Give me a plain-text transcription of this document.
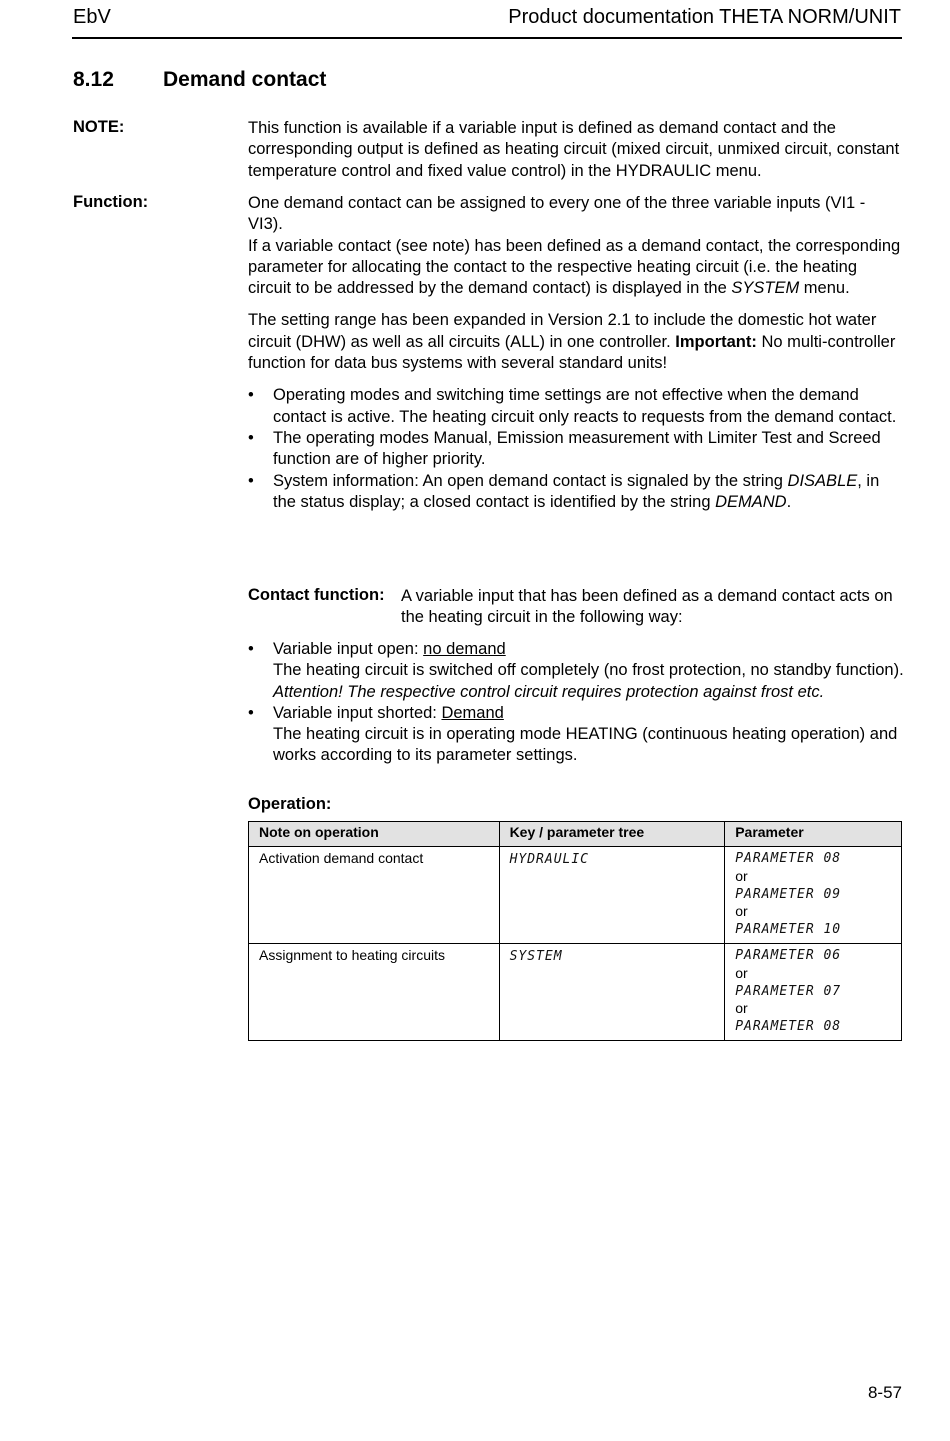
EbV	Product documentation THETA NORM/UNIT
8.12 Demand contact
NOTE:	This function is available if a variable input is defined as demand contact and the corresponding output is defined as heating circuit (mixed circuit, unmixed circuit, constant temperature control and fixed value control) in the HYDRAULIC menu.

Function:	One demand contact can be assigned to every one of the three variable inputs (VI1 - VI3).

If a variable contact (see note) has been defined as a demand contact, the corresponding parameter for allocating the contact to the respective heating circuit (i.e. the heating circuit to be addressed by the demand contact) is displayed in the SYSTEM menu.

The setting range has been expanded in Version 2.1 to include the domestic hot water circuit (DHW) as well as all circuits (ALL) in one controller. Important: No multi-controller function for data bus systems with several standard units!

• Operating modes and switching time settings are not effective when the demand contact is active. The heating circuit only reacts to requests from the demand contact.
• The operating modes Manual, Emission measurement with Limiter Test and Screed function are of higher priority.
• System information: An open demand contact is signaled by the string DISABLE, in the status display; a closed contact is identified by the string DEMAND.
Contact function: A variable input that has been defined as a demand contact acts on the heating circuit in the following way:
• Variable input open: no demand
The heating circuit is switched off completely (no frost protection, no standby function). Attention! The respective control circuit requires protection against frost etc.
• Variable input shorted: Demand
The heating circuit is in operating mode HEATING (continuous heating operation) and works according to its parameter settings.
Operation:
Note on operation	Key / parameter tree	Parameter
Activation demand contact	HYDRAULIC	PARAMETER 08
or
PARAMETER 09
or
PARAMETER 10

Assignment to heating circuits	SYSTEM	PARAMETER 06
or
PARAMETER 07
or
PARAMETER 08
8-57
